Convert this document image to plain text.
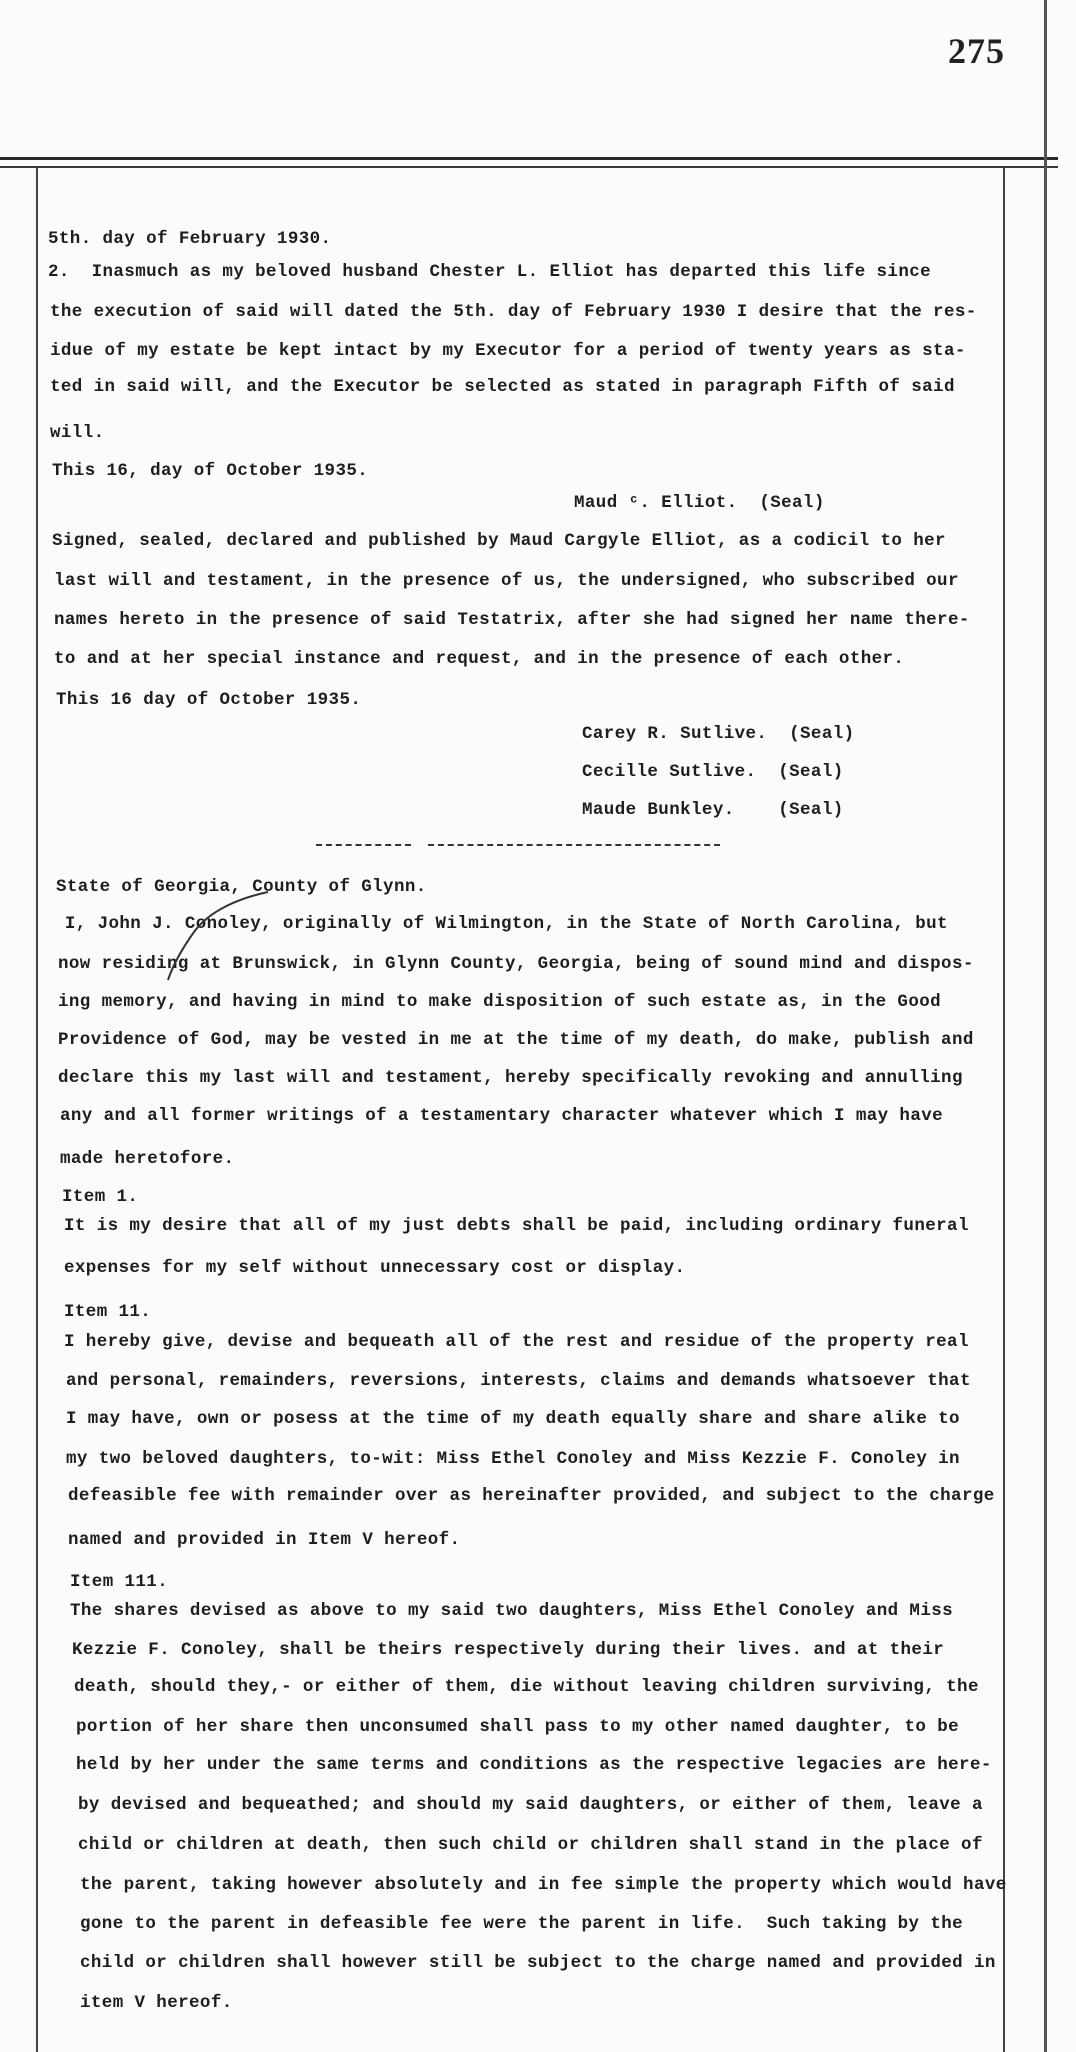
275
5th. day of February 1930.
2.  Inasmuch as my beloved husband Chester L. Elliot has departed this life since
the execution of said will dated the 5th. day of February 1930 I desire that the res-
idue of my estate be kept intact by my Executor for a period of twenty years as sta-
ted in said will, and the Executor be selected as stated in paragraph Fifth of said
will.
This 16, day of October 1935.
Maud ᶜ. Elliot.  (Seal)
Signed, sealed, declared and published by Maud Cargyle Elliot, as a codicil to her
last will and testament, in the presence of us, the undersigned, who subscribed our
names hereto in the presence of said Testatrix, after she had signed her name there-
to and at her special instance and request, and in the presence of each other.
This 16 day of October 1935.
Carey R. Sutlive.  (Seal)
Cecille Sutlive.  (Seal)
Maude Bunkley.    (Seal)
State of Georgia, County of Glynn.
I, John J. Conoley, originally of Wilmington, in the State of North Carolina, but
now residing at Brunswick, in Glynn County, Georgia, being of sound mind and dispos-
ing memory, and having in mind to make disposition of such estate as, in the Good
Providence of God, may be vested in me at the time of my death, do make, publish and
declare this my last will and testament, hereby specifically revoking and annulling
any and all former writings of a testamentary character whatever which I may have
made heretofore.
Item 1.
It is my desire that all of my just debts shall be paid, including ordinary funeral
expenses for my self without unnecessary cost or display.
Item 11.
I hereby give, devise and bequeath all of the rest and residue of the property real
and personal, remainders, reversions, interests, claims and demands whatsoever that
I may have, own or posess at the time of my death equally share and share alike to
my two beloved daughters, to-wit: Miss Ethel Conoley and Miss Kezzie F. Conoley in
defeasible fee with remainder over as hereinafter provided, and subject to the charge
named and provided in Item V hereof.
Item 111.
The shares devised as above to my said two daughters, Miss Ethel Conoley and Miss
Kezzie F. Conoley, shall be theirs respectively during their lives. and at their
death, should they,- or either of them, die without leaving children surviving, the
portion of her share then unconsumed shall pass to my other named daughter, to be
held by her under the same terms and conditions as the respective legacies are here-
by devised and bequeathed; and should my said daughters, or either of them, leave a
child or children at death, then such child or children shall stand in the place of
the parent, taking however absolutely and in fee simple the property which would have
gone to the parent in defeasible fee were the parent in life.  Such taking by the
child or children shall however still be subject to the charge named and provided in
item V hereof.
